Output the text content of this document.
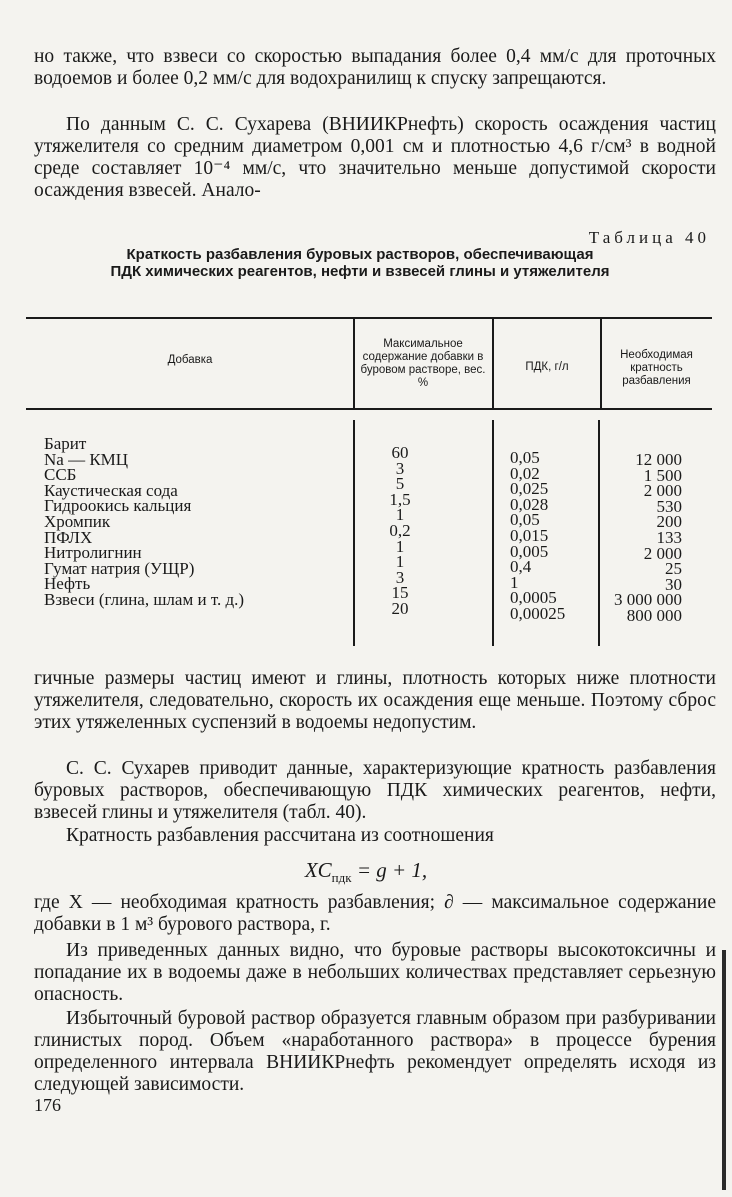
но также, что взвеси со скоростью выпадания более 0,4 мм/с для проточных водоемов и более 0,2 мм/с для водохранилищ к спуску запрещаются.

По данным С. С. Сухарева (ВНИИКРнефть) скорость осаждения частиц утяжелителя со средним диаметром 0,001 см и плотностью 4,6 г/см³ в водной среде составляет 10⁻⁴ мм/с, что значительно меньше допустимой скорости осаждения взвесей. Анало-

Таблица 40
Краткость разбавления буровых растворов, обеспечивающая ПДК химических реагентов, нефти и взвесей глины и утяжелителя
Добавка
Максимальное содержание добавки в буровом растворе, вес. %
ПДК, г/л
Необходимая кратность разбавления
Барит
Na — КМЦ
ССБ
Каустическая сода
Гидроокись кальция
Хромпик
ПФЛХ
Нитролигнин
Гумат натрия (УЩР)
Нефть
Взвеси (глина, шлам и т. д.)
60
3
5
1,5
1
0,2
1
1
3
15
20
0,05
0,02
0,025
0,028
0,05
0,015
0,005
0,4
1
0,0005
0,00025
12 000
1 500
2 000
530
200
133
2 000
25
30
3 000 000
800 000

гичные размеры частиц имеют и глины, плотность которых ниже плотности утяжелителя, следовательно, скорость их осаждения еще меньше. Поэтому сброс этих утяжеленных суспензий в водоемы недопустим.

С. С. Сухарев приводит данные, характеризующие кратность разбавления буровых растворов, обеспечивающую ПДК химических реагентов, нефти, взвесей глины и утяжелителя (табл. 40).

Кратность разбавления рассчитана из соотношения

$XC_{пдк} = g + 1$,

где X — необходимая кратность разбавления; ∂ — максимальное содержание добавки в 1 м³ бурового раствора, г.

Из приведенных данных видно, что буровые растворы высокотоксичны и попадание их в водоемы даже в небольших количествах представляет серьезную опасность.

Избыточный буровой раствор образуется главным образом при разбуривании глинистых пород. Объем «наработанного раствора» в процессе бурения определенного интервала ВНИИКРнефть рекомендует определять исходя из следующей зависимости.

176
